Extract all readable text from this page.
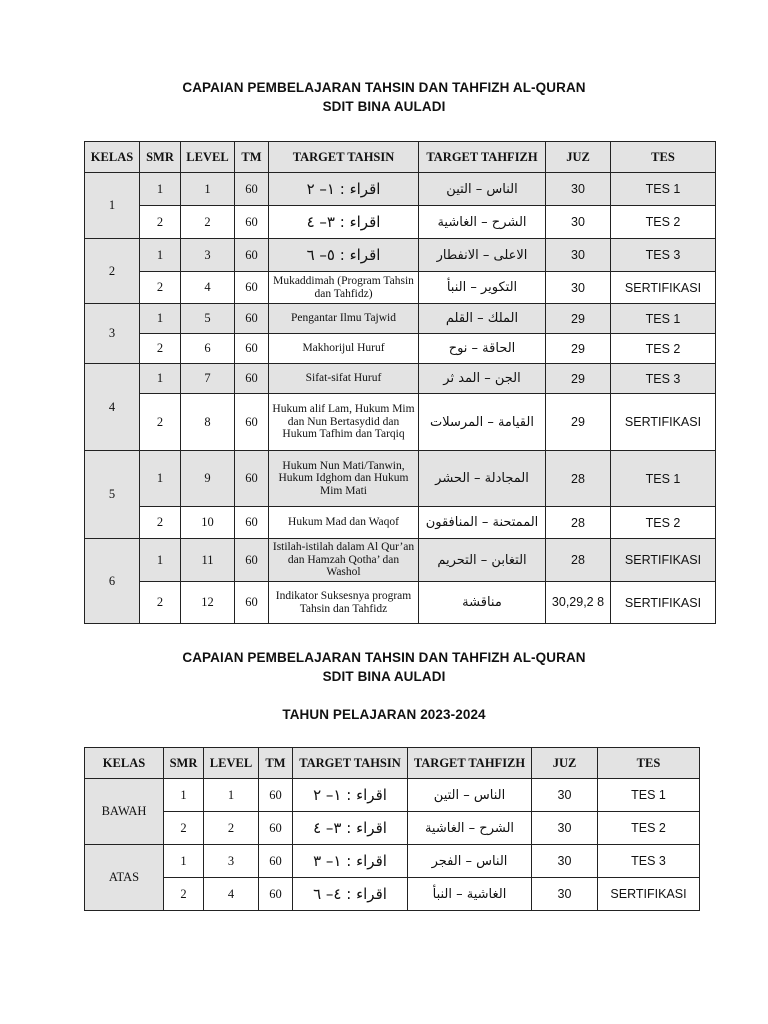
CAPAIAN PEMBELAJARAN TAHSIN DAN TAHFIZH AL-QURAN
SDIT BINA AULADI
KELAS	SMR	LEVEL	TM	TARGET TAHSIN	TARGET TAHFIZH	JUZ	TES
1	1	1	60	اقراء : ١– ٢	الناس – التين	30	TES 1
	2	2	60	اقراء : ٣– ٤	الشرح – الغاشية	30	TES 2
2	1	3	60	اقراء : ٥– ٦	الاعلى – الانفطار	30	TES 3
	2	4	60	Mukaddimah (Program Tahsin dan Tahfidz)	التكوير – النبأ	30	SERTIFIKASI
3	1	5	60	Pengantar Ilmu Tajwid	الملك – القلم	29	TES 1
	2	6	60	Makhorijul Huruf	الحاقة – نوح	29	TES 2
4	1	7	60	Sifat-sifat Huruf	الجن – المد ثر	29	TES 3
	2	8	60	Hukum alif Lam, Hukum Mim dan Nun Bertasydid dan Hukum Tafhim dan Tarqiq	القيامة – المرسلات	29	SERTIFIKASI
5	1	9	60	Hukum Nun Mati/Tanwin, Hukum Idghom dan Hukum Mim Mati	المجادلة – الحشر	28	TES 1
	2	10	60	Hukum Mad dan Waqof	الممتحنة – المنافقون	28	TES 2
6	1	11	60	Istilah-istilah dalam Al Qur’an dan Hamzah Qotha’ dan Washol	التغابن – التحريم	28	SERTIFIKASI
	2	12	60	Indikator Suksesnya program Tahsin dan Tahfidz	مناقشة	30,29,2 8	SERTIFIKASI
CAPAIAN PEMBELAJARAN TAHSIN DAN TAHFIZH AL-QURAN
SDIT BINA AULADI
TAHUN PELAJARAN 2023-2024
KELAS	SMR	LEVEL	TM	TARGET TAHSIN	TARGET TAHFIZH	JUZ	TES
BAWAH	1	1	60	اقراء : ١– ٢	الناس – التين	30	TES 1
	2	2	60	اقراء : ٣– ٤	الشرح – الغاشية	30	TES 2
ATAS	1	3	60	اقراء : ١– ٣	الناس – الفجر	30	TES 3
	2	4	60	اقراء : ٤– ٦	الغاشية – النبأ	30	SERTIFIKASI
